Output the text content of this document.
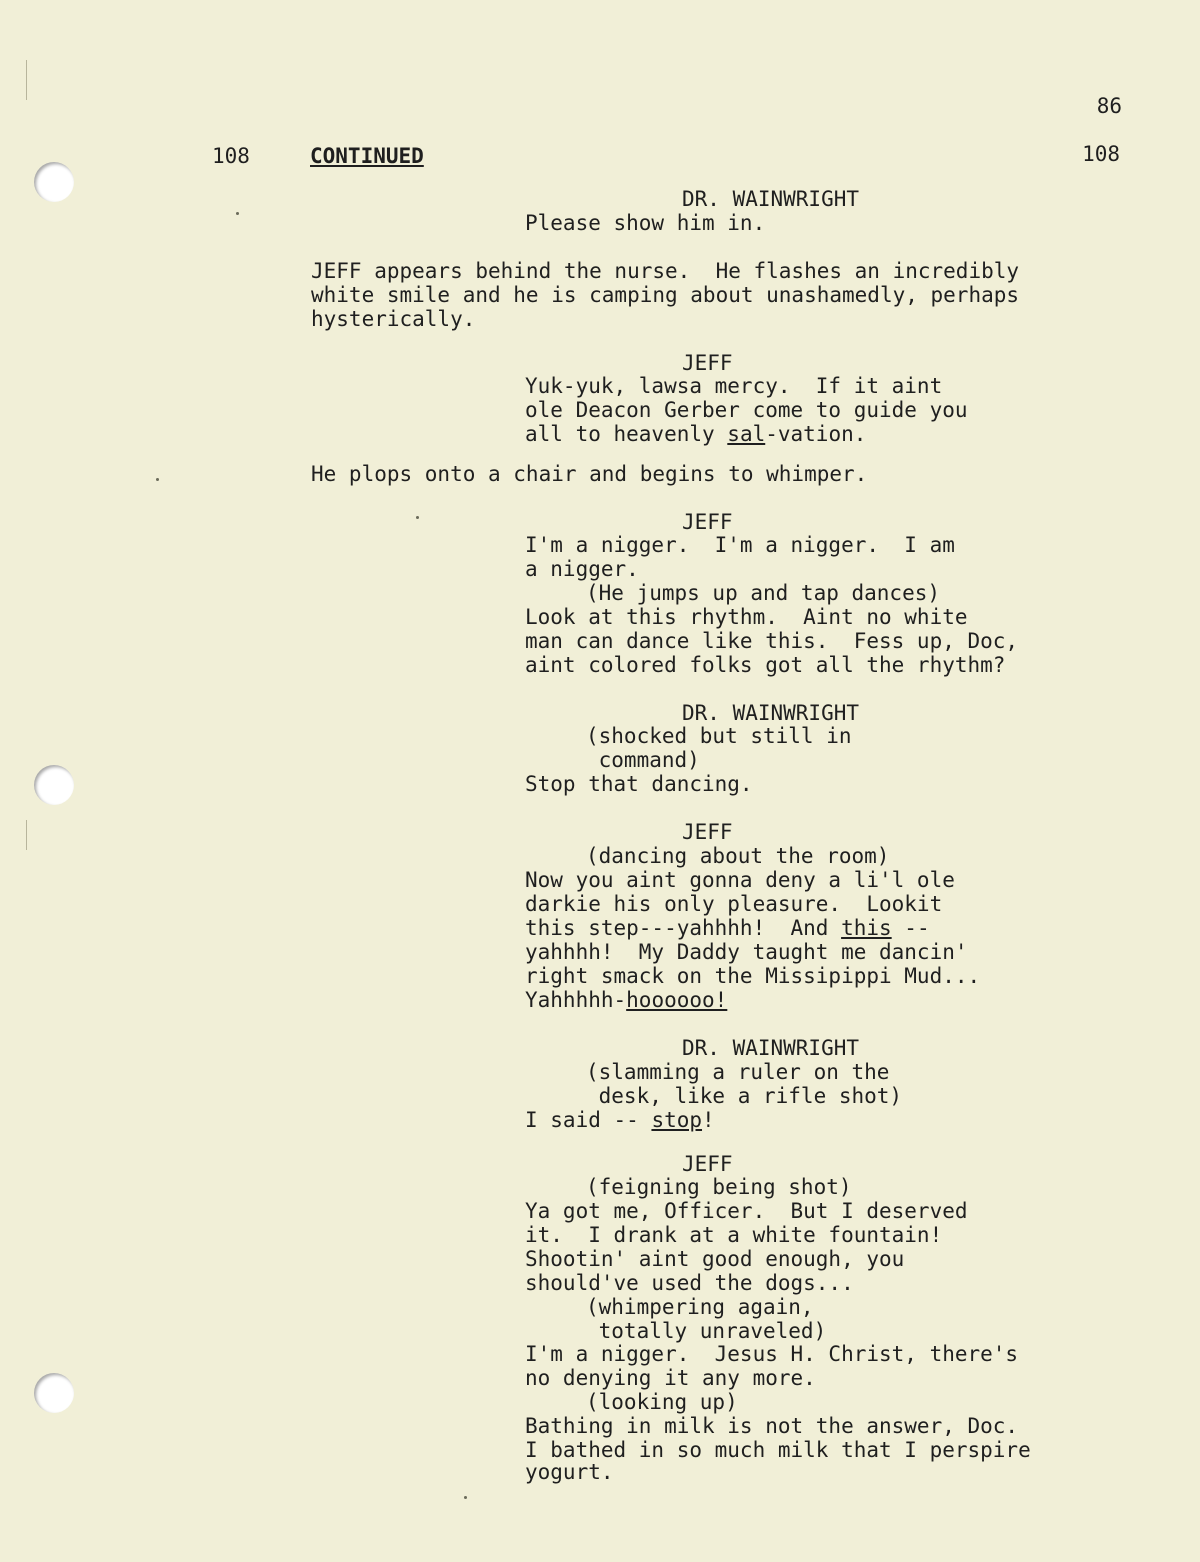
86
108	CONTINUED	108
DR. WAINWRIGHT
Please show him in.
JEFF appears behind the nurse.  He flashes an incredibly
white smile and he is camping about unashamedly, perhaps
hysterically.
JEFF
Yuk-yuk, lawsa mercy.  If it aint
ole Deacon Gerber come to guide you
all to heavenly sal-vation.
He plops onto a chair and begins to whimper.
JEFF
I'm a nigger.  I'm a nigger.  I am
a nigger.
(He jumps up and tap dances)
Look at this rhythm.  Aint no white
man can dance like this.  Fess up, Doc,
aint colored folks got all the rhythm?
DR. WAINWRIGHT
(shocked but still in
command)
Stop that dancing.
JEFF
(dancing about the room)
Now you aint gonna deny a li'l ole
darkie his only pleasure.  Lookit
this step---yahhhh!  And this --
yahhhh!  My Daddy taught me dancin'
right smack on the Missipippi Mud...
Yahhhhh-hoooooo!
DR. WAINWRIGHT
(slamming a ruler on the
desk, like a rifle shot)
I said -- stop!
JEFF
(feigning being shot)
Ya got me, Officer.  But I deserved
it.  I drank at a white fountain!
Shootin' aint good enough, you
should've used the dogs...
(whimpering again,
totally unraveled)
I'm a nigger.  Jesus H. Christ, there's
no denying it any more.
(looking up)
Bathing in milk is not the answer, Doc.
I bathed in so much milk that I perspire
yogurt.
